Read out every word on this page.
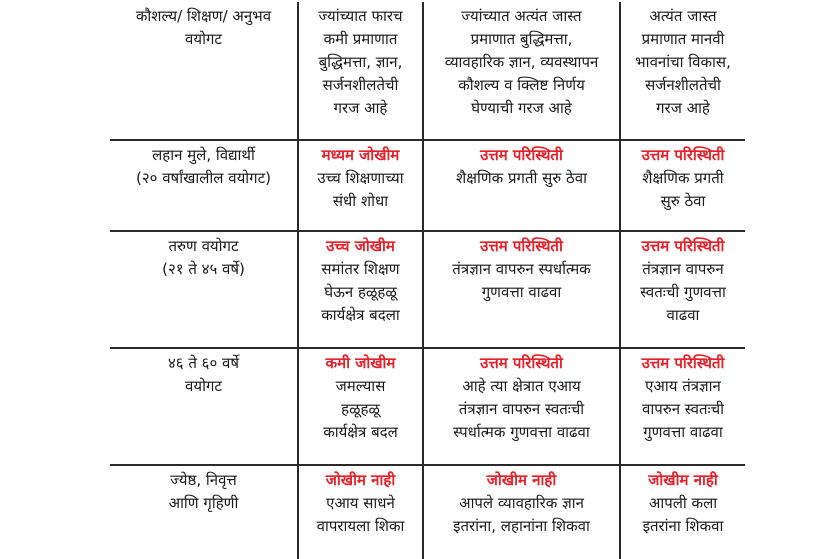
कौशल्य/ शिक्षण/ अनुभव
वयोगट	ज्यांच्यात फारच
कमी प्रमाणात
बुद्धिमत्ता, ज्ञान,
सर्जनशीलतेची
गरज आहे	ज्यांच्यात अत्यंत जास्त
प्रमाणात बुद्धिमत्ता,
व्यावहारिक ज्ञान, व्यवस्थापन
कौशल्य व क्लिष्ट निर्णय
घेण्याची गरज आहे	अत्यंत जास्त
प्रमाणात मानवी
भावनांचा विकास,
सर्जनशीलतेची
गरज आहे

लहान मुले, विद्यार्थी
(२० वर्षांखालील वयोगट)	मध्यम जोखीम
उच्च शिक्षणाच्या
संधी शोधा	उत्तम परिस्थिती
शैक्षणिक प्रगती सुरु ठेवा	उत्तम परिस्थिती
शैक्षणिक प्रगती
सुरु ठेवा

तरुण वयोगट
(२१ ते ४५ वर्षे)	उच्च जोखीम
समांतर शिक्षण
घेऊन हळूहळू
कार्यक्षेत्र बदला	उत्तम परिस्थिती
तंत्रज्ञान वापरुन स्पर्धात्मक
गुणवत्ता वाढवा	उत्तम परिस्थिती
तंत्रज्ञान वापरुन
स्वतःची गुणवत्ता
वाढवा

४६ ते ६० वर्षे
वयोगट	कमी जोखीम
जमल्यास
हळूहळू
कार्यक्षेत्र बदल	उत्तम परिस्थिती
आहे त्या क्षेत्रात एआय
तंत्रज्ञान वापरुन स्वतःची
स्पर्धात्मक गुणवत्ता वाढवा	उत्तम परिस्थिती
एआय तंत्रज्ञान
वापरुन स्वतःची
गुणवत्ता वाढवा

ज्येष्ठ, निवृत्त
आणि गृहिणी	जोखीम नाही
एआय साधने
वापरायला शिका	जोखीम नाही
आपले व्यावहारिक ज्ञान
इतरांना, लहानांना शिकवा	जोखीम नाही
आपली कला
इतरांना शिकवा
